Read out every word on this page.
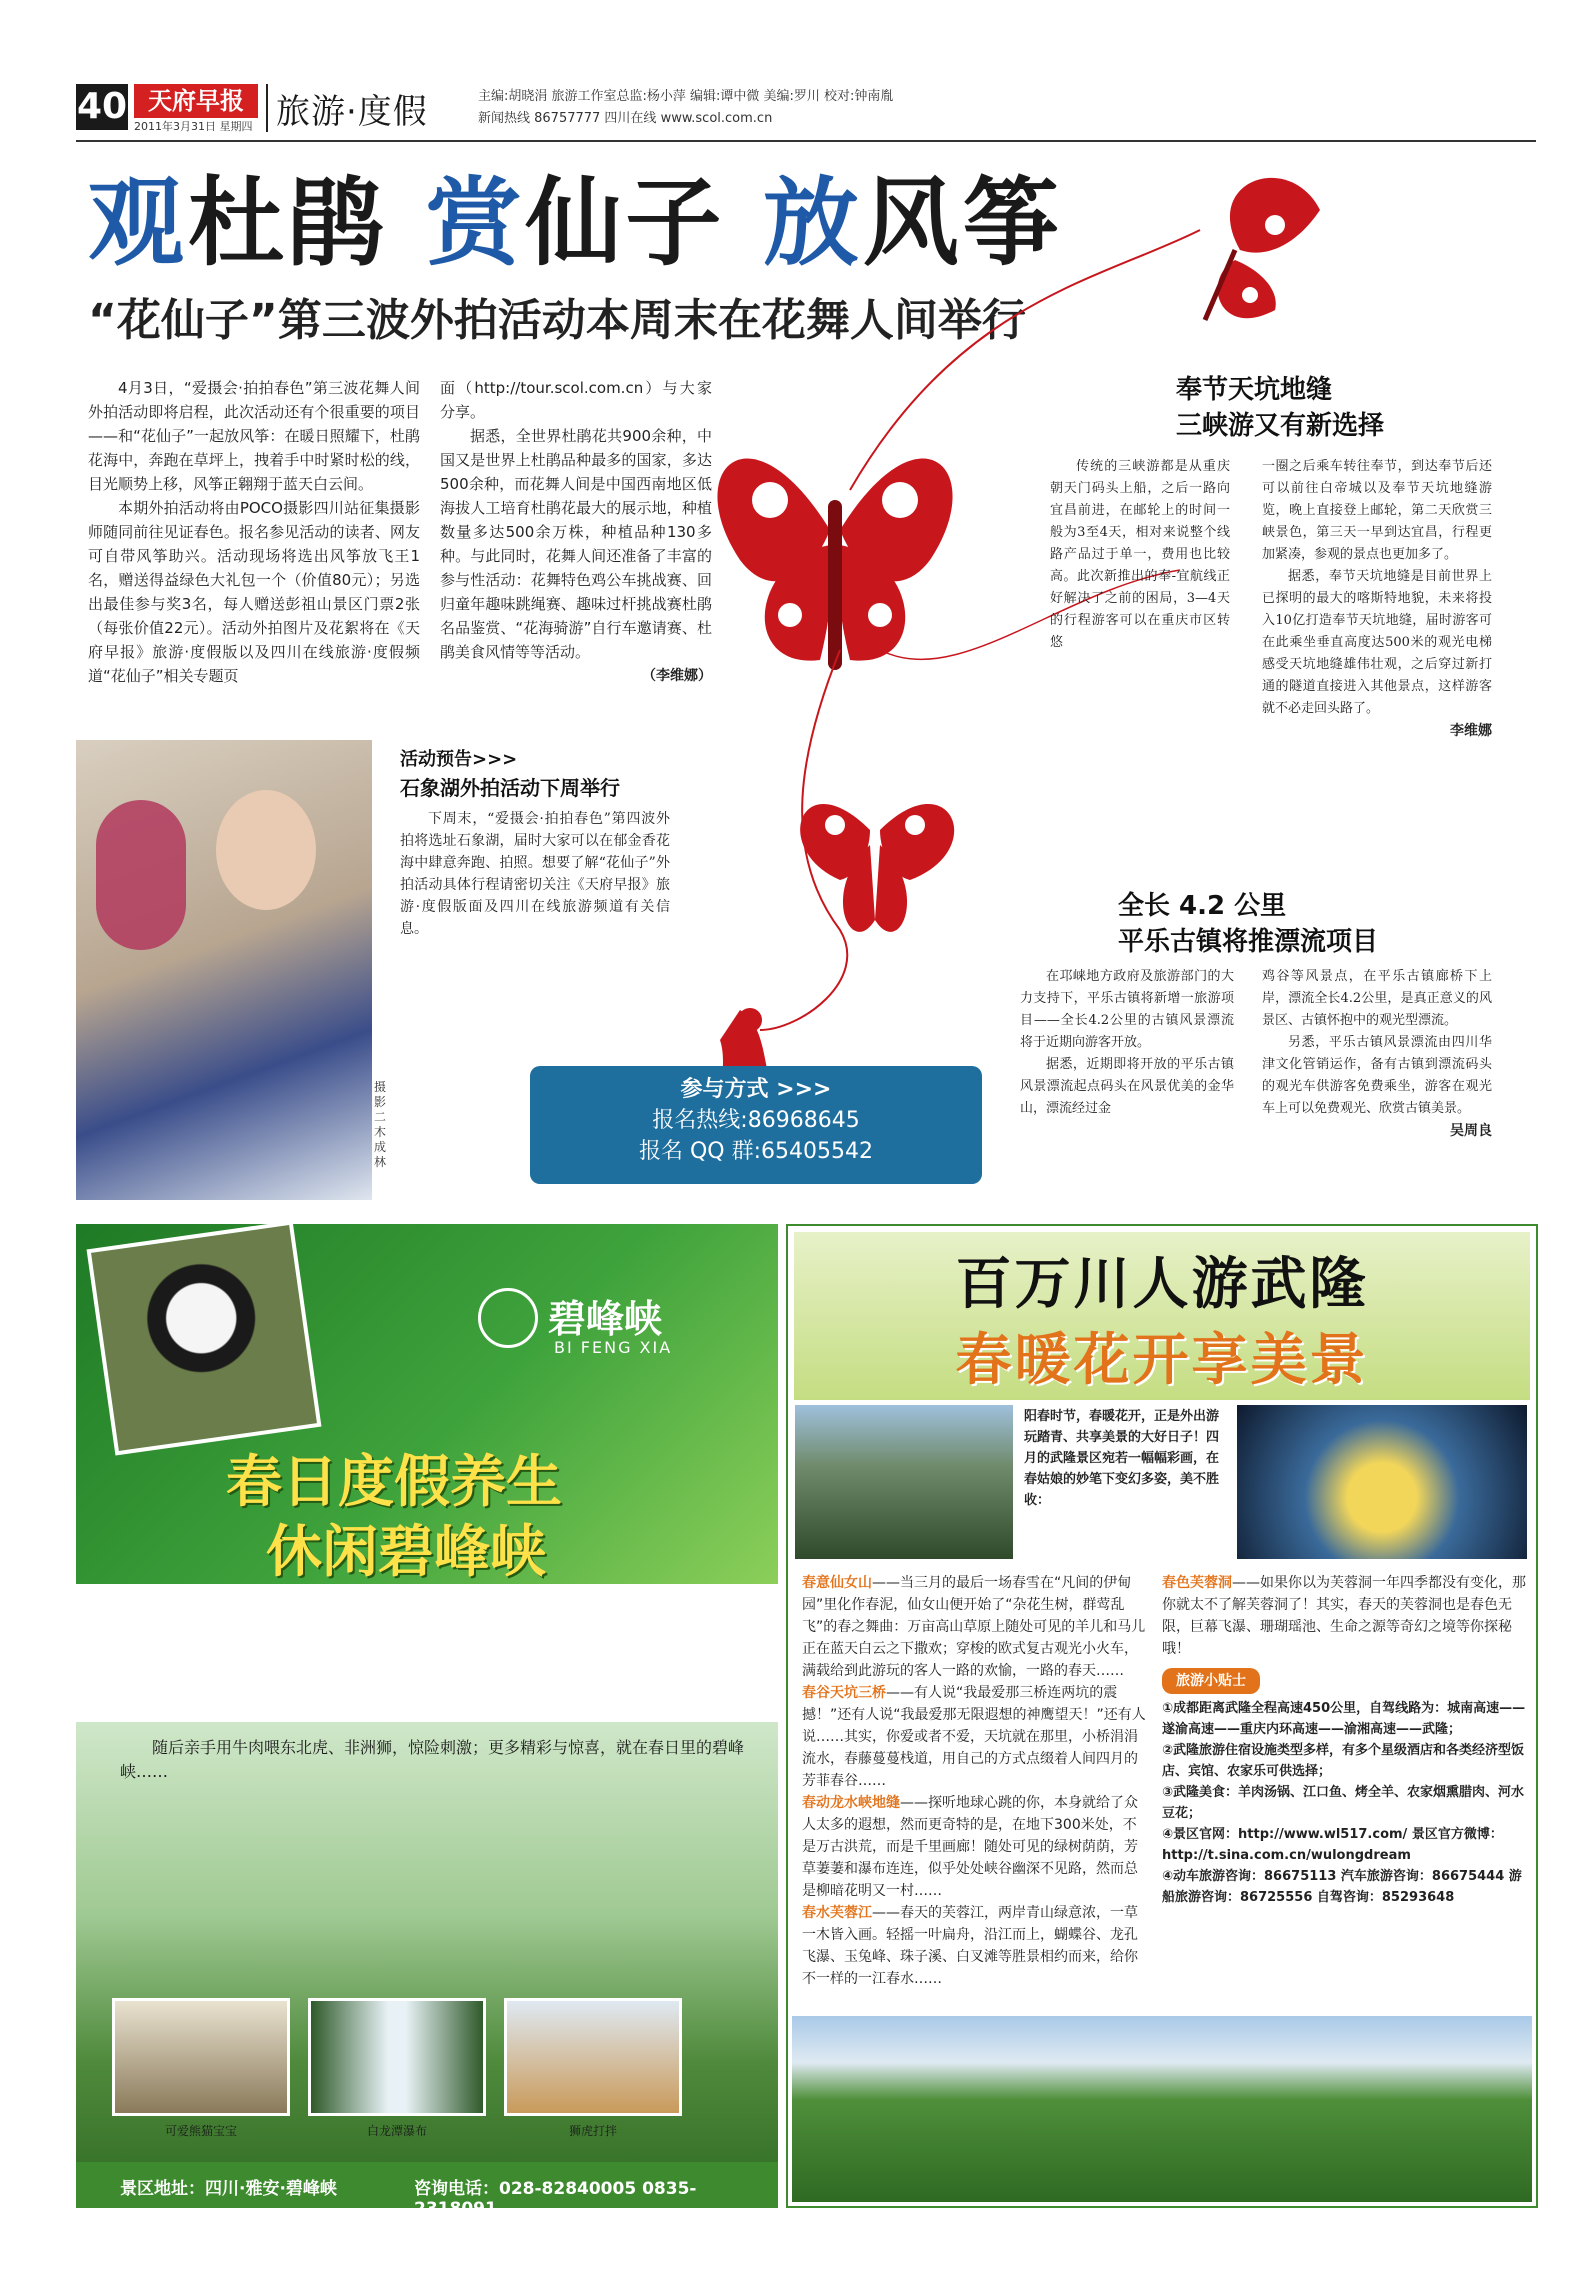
40 天府早报
2011年3月31日 星期四 旅游·度假	主编:胡晓涓 旅游工作室总监:杨小萍 编辑:谭中微 美编:罗川 校对:钟南胤
新闻热线 86757777 四川在线 www.scol.com.cn
观杜鹃 赏仙子 放风筝
“花仙子”第三波外拍活动本周末在花舞人间举行

4月3日，“爱摄会·拍拍春色”第三波花舞人间外拍活动即将启程，此次活动还有个很重要的项目——和“花仙子”一起放风筝：在暖日照耀下，杜鹃花海中，奔跑在草坪上，拽着手中时紧时松的线，目光顺势上移，风筝正翱翔于蓝天白云间。

本期外拍活动将由POCO摄影四川站征集摄影师随同前往见证春色。报名参见活动的读者、网友可自带风筝助兴。活动现场将选出风筝放飞王1名，赠送得益绿色大礼包一个（价值80元）；另选出最佳参与奖3名，每人赠送彭祖山景区门票2张（每张价值22元）。活动外拍图片及花絮将在《天府早报》旅游·度假版以及四川在线旅游·度假频道“花仙子”相关专题页

面（http://tour.scol.com.cn）与大家分享。

据悉，全世界杜鹃花共900余种，中国又是世界上杜鹃品种最多的国家，多达500余种，而花舞人间是中国西南地区低海拔人工培育杜鹃花最大的展示地，种植数量多达500余万株，种植品种130多种。与此同时，花舞人间还准备了丰富的参与性活动：花舞特色鸡公车挑战赛、回归童年趣味跳绳赛、趣味过杆挑战赛杜鹃名品鉴赏、“花海骑游”自行车邀请赛、杜鹃美食风情等等活动。

（李维娜）
摄影 二木成林
活动预告>>>
石象湖外拍活动下周举行
下周末，“爱摄会·拍拍春色”第四波外拍将选址石象湖，届时大家可以在郁金香花海中肆意奔跑、拍照。想要了解“花仙子”外拍活动具体行程请密切关注《天府早报》旅游·度假版面及四川在线旅游频道有关信息。
参与方式 >>>
报名热线:86968645
报名 QQ 群:65405542
奉节天坑地缝
三峡游又有新选择
传统的三峡游都是从重庆朝天门码头上船，之后一路向宜昌前进，在邮轮上的时间一般为3至4天，相对来说整个线路产品过于单一，费用也比较高。此次新推出的奉-宜航线正好解决了之前的困局，3—4天的行程游客可以在重庆市区转悠
一圈之后乘车转往奉节，到达奉节后还可以前往白帝城以及奉节天坑地缝游览，晚上直接登上邮轮，第二天欣赏三峡景色，第三天一早到达宜昌，行程更加紧凑，参观的景点也更加多了。
据悉，奉节天坑地缝是目前世界上已探明的最大的喀斯特地貌，未来将投入10亿打造奉节天坑地缝，届时游客可在此乘坐垂直高度达500米的观光电梯感受天坑地缝雄伟壮观，之后穿过新打通的隧道直接进入其他景点，这样游客就不必走回头路了。
李维娜
全长 4.2 公里
平乐古镇将推漂流项目
在邛崃地方政府及旅游部门的大力支持下，平乐古镇将新增一旅游项目——全长4.2公里的古镇风景漂流将于近期向游客开放。
据悉，近期即将开放的平乐古镇风景漂流起点码头在风景优美的金华山，漂流经过金
鸡谷等风景点，在平乐古镇廊桥下上岸，漂流全长4.2公里，是真正意义的风景区、古镇怀抱中的观光型漂流。
另悉，平乐古镇风景漂流由四川华津文化管销运作，备有古镇到漂流码头的观光车供游客免费乘坐，游客在观光车上可以免费观光、欣赏古镇美景。
吴周良
碧峰峡
BI FENG XIA
春日度假养生
休闲碧峰峡
随后亲手用牛肉喂东北虎、非洲狮，惊险刺激；更多精彩与惊喜，就在春日里的碧峰峡……
可爱熊猫宝宝	白龙潭瀑布	狮虎打拌
景区地址：四川·雅安·碧峰峡	咨询电话：028-82840005 0835-2318091
百万川人游武隆
春暖花开享美景
阳春时节，春暖花开，正是外出游玩踏青、共享美景的大好日子！四月的武隆景区宛若一幅幅彩画，在春姑娘的妙笔下变幻多姿，美不胜收：
春意仙女山——当三月的最后一场春雪在“凡间的伊甸园”里化作春泥，仙女山便开始了“杂花生树，群莺乱飞”的春之舞曲：万亩高山草原上随处可见的羊儿和马儿正在蓝天白云之下撒欢；穿梭的欧式复古观光小火车，满载给到此游玩的客人一路的欢愉，一路的春天……
春谷天坑三桥——有人说“我最爱那三桥连两坑的震撼！”还有人说“我最爱那无限遐想的神鹰望天！”还有人说……其实，你爱或者不爱，天坑就在那里，小桥涓涓流水，春藤蔓蔓栈道，用自己的方式点缀着人间四月的芳菲春谷……
春动龙水峡地缝——探听地球心跳的你，本身就给了众人太多的遐想，然而更奇特的是，在地下300米处，不是万古洪荒，而是千里画廊！随处可见的绿树荫荫，芳草萋萋和瀑布连连，似乎处处峡谷幽深不见路，然而总是柳暗花明又一村……
春水芙蓉江——春天的芙蓉江，两岸青山绿意浓，一草一木皆入画。轻摇一叶扁舟，沿江而上，蝴蝶谷、龙孔飞瀑、玉兔峰、珠子溪、白叉滩等胜景相约而来，给你不一样的一江春水……
春色芙蓉洞——如果你以为芙蓉洞一年四季都没有变化，那你就太不了解芙蓉洞了！其实，春天的芙蓉洞也是春色无限，巨幕飞瀑、珊瑚瑶池、生命之源等奇幻之境等你探秘哦！
旅游小贴士
①成都距离武隆全程高速450公里，自驾线路为：城南高速——遂渝高速——重庆内环高速——渝湘高速——武隆；
②武隆旅游住宿设施类型多样，有多个星级酒店和各类经济型饭店、宾馆、农家乐可供选择；
③武隆美食：羊肉汤锅、江口鱼、烤全羊、农家烟熏腊肉、河水豆花；
④景区官网：http://www.wl517.com/ 景区官方微博：http://t.sina.com.cn/wulongdream
④动车旅游咨询：86675113 汽车旅游咨询：86675444 游船旅游咨询：86725556 自驾咨询：85293648
